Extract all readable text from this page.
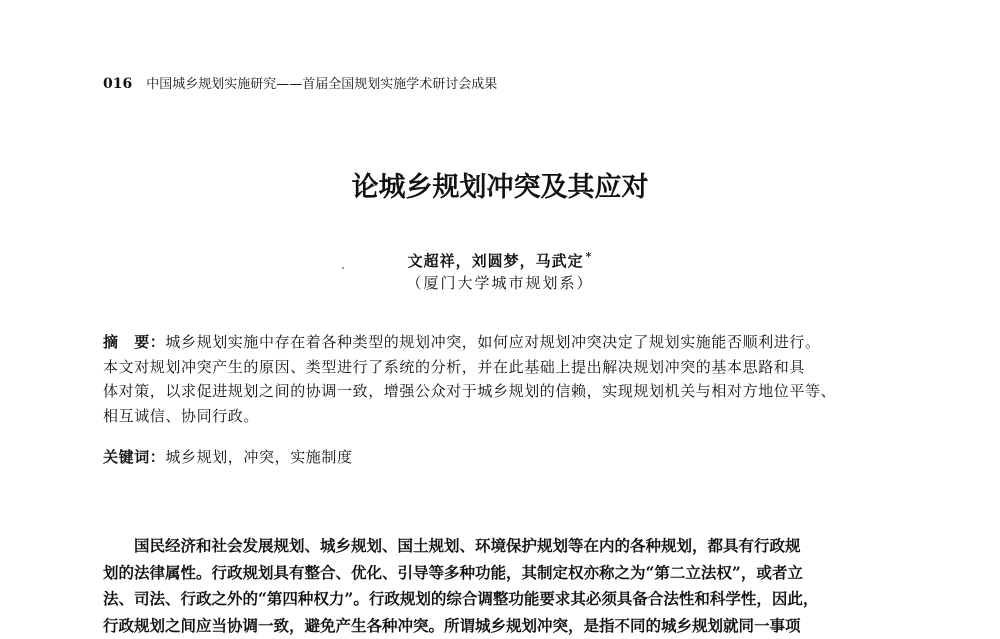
016 中国城乡规划实施研究——首届全国规划实施学术研讨会成果
论城乡规划冲突及其应对
文超祥，刘圆梦，马武定 *
（厦门大学城市规划系）
摘　要：城乡规划实施中存在着各种类型的规划冲突，如何应对规划冲突决定了规划实施能否顺利进行。
本文对规划冲突产生的原因、类型进行了系统的分析，并在此基础上提出解决规划冲突的基本思路和具
体对策，以求促进规划之间的协调一致，增强公众对于城乡规划的信赖，实现规划机关与相对方地位平等、
相互诚信、协同行政。
关键词：城乡规划，冲突，实施制度
国民经济和社会发展规划、城乡规划、国土规划、环境保护规划等在内的各种规划，都具有行政规
划的法律属性。行政规划具有整合、优化、引导等多种功能，其制定权亦称之为“第二立法权”，或者立
法、司法、行政之外的“第四种权力”。行政规划的综合调整功能要求其必须具备合法性和科学性，因此，
行政规划之间应当协调一致，避免产生各种冲突。所谓城乡规划冲突，是指不同的城乡规划就同一事项
